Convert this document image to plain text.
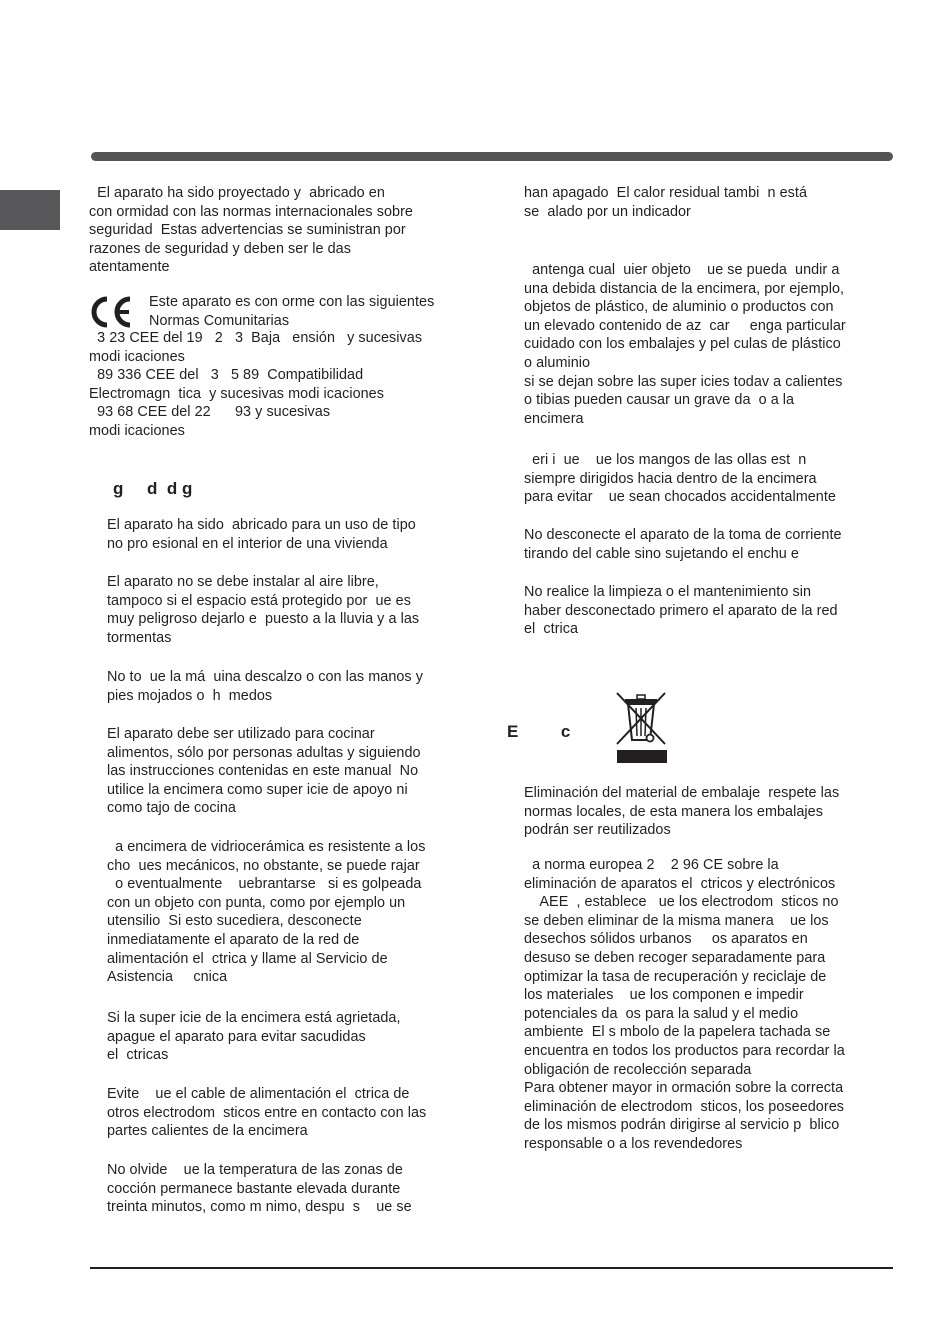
El aparato ha sido proyectado y  abricado en
con ormidad con las normas internacionales sobre
seguridad  Estas advertencias se suministran por
razones de seguridad y deben ser le das
atentamente
Este aparato es con orme con las siguientes
Normas Comunitarias
3 23 CEE del 19   2   3  Baja   ensión   y sucesivas
modi icaciones
89 336 CEE del   3   5 89  Compatibilidad
Electromagn  tica  y sucesivas modi icaciones
93 68 CEE del 22      93 y sucesivas
modi icaciones
g     d  d g
El aparato ha sido  abricado para un uso de tipo
no pro esional en el interior de una vivienda
El aparato no se debe instalar al aire libre,
tampoco si el espacio está protegido por  ue es
muy peligroso dejarlo e  puesto a la lluvia y a las
tormentas
No to  ue la má  uina descalzo o con las manos y
pies mojados o  h  medos
El aparato debe ser utilizado para cocinar
alimentos, sólo por personas adultas y siguiendo
las instrucciones contenidas en este manual  No
utilice la encimera como super icie de apoyo ni
como tajo de cocina
a encimera de vidriocerámica es resistente a los
cho  ues mecánicos, no obstante, se puede rajar
o eventualmente    uebrantarse   si es golpeada
con un objeto con punta, como por ejemplo un
utensilio  Si esto sucediera, desconecte
inmediatamente el aparato de la red de
alimentación el  ctrica y llame al Servicio de
Asistencia     cnica
Si la super icie de la encimera está agrietada,
apague el aparato para evitar sacudidas
el  ctricas
Evite    ue el cable de alimentación el  ctrica de
otros electrodom  sticos entre en contacto con las
partes calientes de la encimera
No olvide    ue la temperatura de las zonas de
cocción permanece bastante elevada durante
treinta minutos, como m nimo, despu  s    ue se
han apagado  El calor residual tambi  n está
se  alado por un indicador
antenga cual  uier objeto    ue se pueda  undir a
una debida distancia de la encimera, por ejemplo,
objetos de plástico, de aluminio o productos con
un elevado contenido de az  car     enga particular
cuidado con los embalajes y pel culas de plástico
o aluminio
si se dejan sobre las super icies todav a calientes
o tibias pueden causar un grave da  o a la
encimera
eri i  ue    ue los mangos de las ollas est  n
siempre dirigidos hacia dentro de la encimera
para evitar    ue sean chocados accidentalmente
No desconecte el aparato de la toma de corriente
tirando del cable sino sujetando el enchu e
No realice la limpieza o el mantenimiento sin
haber desconectado primero el aparato de la red
el  ctrica
E         c
Eliminación del material de embalaje  respete las
normas locales, de esta manera los embalajes
podrán ser reutilizados
a norma europea 2    2 96 CE sobre la
eliminación de aparatos el  ctricos y electrónicos
AEE  , establece   ue los electrodom  sticos no
se deben eliminar de la misma manera    ue los
desechos sólidos urbanos     os aparatos en
desuso se deben recoger separadamente para
optimizar la tasa de recuperación y reciclaje de
los materiales    ue los componen e impedir
potenciales da  os para la salud y el medio
ambiente  El s mbolo de la papelera tachada se
encuentra en todos los productos para recordar la
obligación de recolección separada
Para obtener mayor in ormación sobre la correcta
eliminación de electrodom  sticos, los poseedores
de los mismos podrán dirigirse al servicio p  blico
responsable o a los revendedores
